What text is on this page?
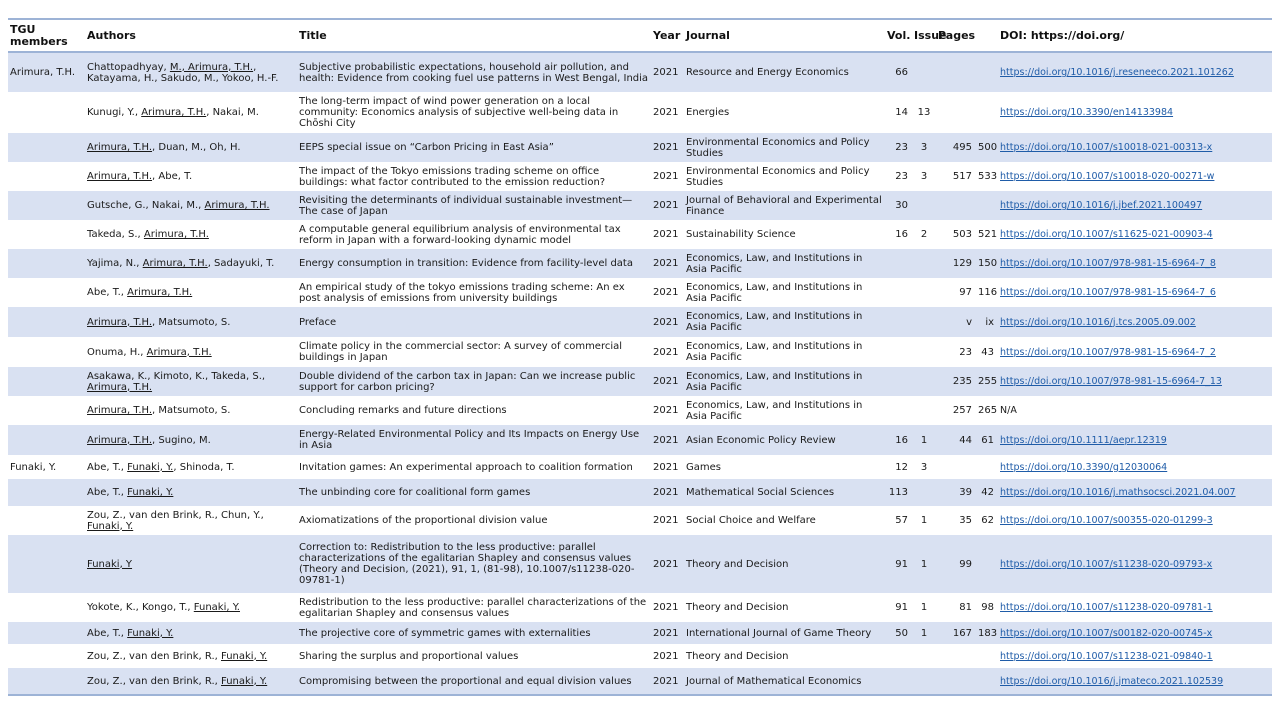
TGU members	Authors	Title	Year	Journal	Vol.	Issue	Pages		DOI: https://doi.org/
Arimura, T.H.	Chattopadhyay, M., Arimura, T.H., Katayama, H., Sakudo, M., Yokoo, H.-F.	Subjective probabilistic expectations, household air pollution, and health: Evidence from cooking fuel use patterns in West Bengal, India	2021	Resource and Energy Economics	66				https://doi.org/10.1016/j.reseneeco.2021.101262
	Kunugi, Y., Arimura, T.H., Nakai, M.	The long-term impact of wind power generation on a local community: Economics analysis of subjective well-being data in Chōshi City	2021	Energies	14	13			https://doi.org/10.3390/en14133984
	Arimura, T.H., Duan, M., Oh, H.	EEPS special issue on “Carbon Pricing in East Asia”	2021	Environmental Economics and Policy Studies	23	3	495	500	https://doi.org/10.1007/s10018-021-00313-x
	Arimura, T.H., Abe, T.	The impact of the Tokyo emissions trading scheme on office buildings: what factor contributed to the emission reduction?	2021	Environmental Economics and Policy Studies	23	3	517	533	https://doi.org/10.1007/s10018-020-00271-w
	Gutsche, G., Nakai, M., Arimura, T.H.	Revisiting the determinants of individual sustainable investment—The case of Japan	2021	Journal of Behavioral and Experimental Finance	30				https://doi.org/10.1016/j.jbef.2021.100497
	Takeda, S., Arimura, T.H.	A computable general equilibrium analysis of environmental tax reform in Japan with a forward-looking dynamic model	2021	Sustainability Science	16	2	503	521	https://doi.org/10.1007/s11625-021-00903-4
	Yajima, N., Arimura, T.H., Sadayuki, T.	Energy consumption in transition: Evidence from facility-level data	2021	Economics, Law, and Institutions in Asia Pacific			129	150	https://doi.org/10.1007/978-981-15-6964-7_8
	Abe, T., Arimura, T.H.	An empirical study of the tokyo emissions trading scheme: An ex post analysis of emissions from university buildings	2021	Economics, Law, and Institutions in Asia Pacific			97	116	https://doi.org/10.1007/978-981-15-6964-7_6
	Arimura, T.H., Matsumoto, S.	Preface	2021	Economics, Law, and Institutions in Asia Pacific			v	ix	https://doi.org/10.1016/j.tcs.2005.09.002
	Onuma, H., Arimura, T.H.	Climate policy in the commercial sector: A survey of commercial buildings in Japan	2021	Economics, Law, and Institutions in Asia Pacific			23	43	https://doi.org/10.1007/978-981-15-6964-7_2
	Asakawa, K., Kimoto, K., Takeda, S., Arimura, T.H.	Double dividend of the carbon tax in Japan: Can we increase public support for carbon pricing?	2021	Economics, Law, and Institutions in Asia Pacific			235	255	https://doi.org/10.1007/978-981-15-6964-7_13
	Arimura, T.H., Matsumoto, S.	Concluding remarks and future directions	2021	Economics, Law, and Institutions in Asia Pacific			257	265	N/A
	Arimura, T.H., Sugino, M.	Energy-Related Environmental Policy and Its Impacts on Energy Use in Asia	2021	Asian Economic Policy Review	16	1	44	61	https://doi.org/10.1111/aepr.12319
Funaki, Y.	Abe, T., Funaki, Y., Shinoda, T.	Invitation games: An experimental approach to coalition formation	2021	Games	12	3			https://doi.org/10.3390/g12030064
	Abe, T., Funaki, Y.	The unbinding core for coalitional form games	2021	Mathematical Social Sciences	113		39	42	https://doi.org/10.1016/j.mathsocsci.2021.04.007
	Zou, Z., van den Brink, R., Chun, Y., Funaki, Y.	Axiomatizations of the proportional division value	2021	Social Choice and Welfare	57	1	35	62	https://doi.org/10.1007/s00355-020-01299-3
	Funaki, Y	Correction to: Redistribution to the less productive: parallel characterizations of the egalitarian Shapley and consensus values (Theory and Decision, (2021), 91, 1, (81-98), 10.1007/s11238-020-09781-1)	2021	Theory and Decision	91	1	99		https://doi.org/10.1007/s11238-020-09793-x
	Yokote, K., Kongo, T., Funaki, Y.	Redistribution to the less productive: parallel characterizations of the egalitarian Shapley and consensus values	2021	Theory and Decision	91	1	81	98	https://doi.org/10.1007/s11238-020-09781-1
	Abe, T., Funaki, Y.	The projective core of symmetric games with externalities	2021	International Journal of Game Theory	50	1	167	183	https://doi.org/10.1007/s00182-020-00745-x
	Zou, Z., van den Brink, R., Funaki, Y.	Sharing the surplus and proportional values	2021	Theory and Decision					https://doi.org/10.1007/s11238-021-09840-1
	Zou, Z., van den Brink, R., Funaki, Y.	Compromising between the proportional and equal division values	2021	Journal of Mathematical Economics					https://doi.org/10.1016/j.jmateco.2021.102539
